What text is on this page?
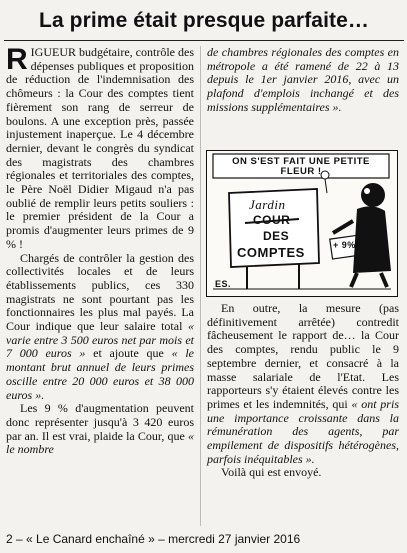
La prime était presque parfaite…

RIGUEUR budgétaire, contrôle des dépenses publiques et proposition de réduction de l'indemnisation des chômeurs : la Cour des comptes tient fièrement son rang de serreur de boulons. A une exception près, passée injustement inaperçue. Le 4 décembre dernier, devant le congrès du syndicat des magistrats des chambres régionales et territoriales des comptes, le Père Noël Didier Migaud n'a pas oublié de remplir leurs petits souliers : le premier président de la Cour a promis d'augmenter leurs primes de 9 % !

Chargés de contrôler la gestion des collectivités locales et de leurs établissements publics, ces 330 magistrats ne sont pourtant pas les fonctionnaires les plus mal payés. La Cour indique que leur salaire total « varie entre 3 500 euros net par mois et 7 000 euros » et ajoute que « le montant brut annuel de leurs primes oscille entre 20 000 euros et 38 000 euros ».

Les 9 % d'augmentation peuvent donc représenter jusqu'à 3 420 euros par an. Il est vrai, plaide la Cour, que « le nombre

de chambres régionales des comptes en métropole a été ramené de 22 à 13 depuis le 1er janvier 2016, avec un plafond d'emplois inchangé et des missions supplémentaires ».

ON S'EST FAIT UNE PETITE FLEUR !
Jardin
COUR
DES
COMPTES	+ 9%
ES.

En outre, la mesure (pas définitivement arrêtée) contredit fâcheusement le rapport de… la Cour des comptes, rendu public le 9 septembre dernier, et consacré à la masse salariale de l'Etat. Les rapporteurs s'y étaient élevés contre les primes et les indemnités, qui « ont pris une importance croissante dans la rémunération des agents, par empilement de dispositifs hétérogènes, parfois inéquitables ».

Voilà qui est envoyé.

2 – « Le Canard enchaîné » – mercredi 27 janvier 2016
